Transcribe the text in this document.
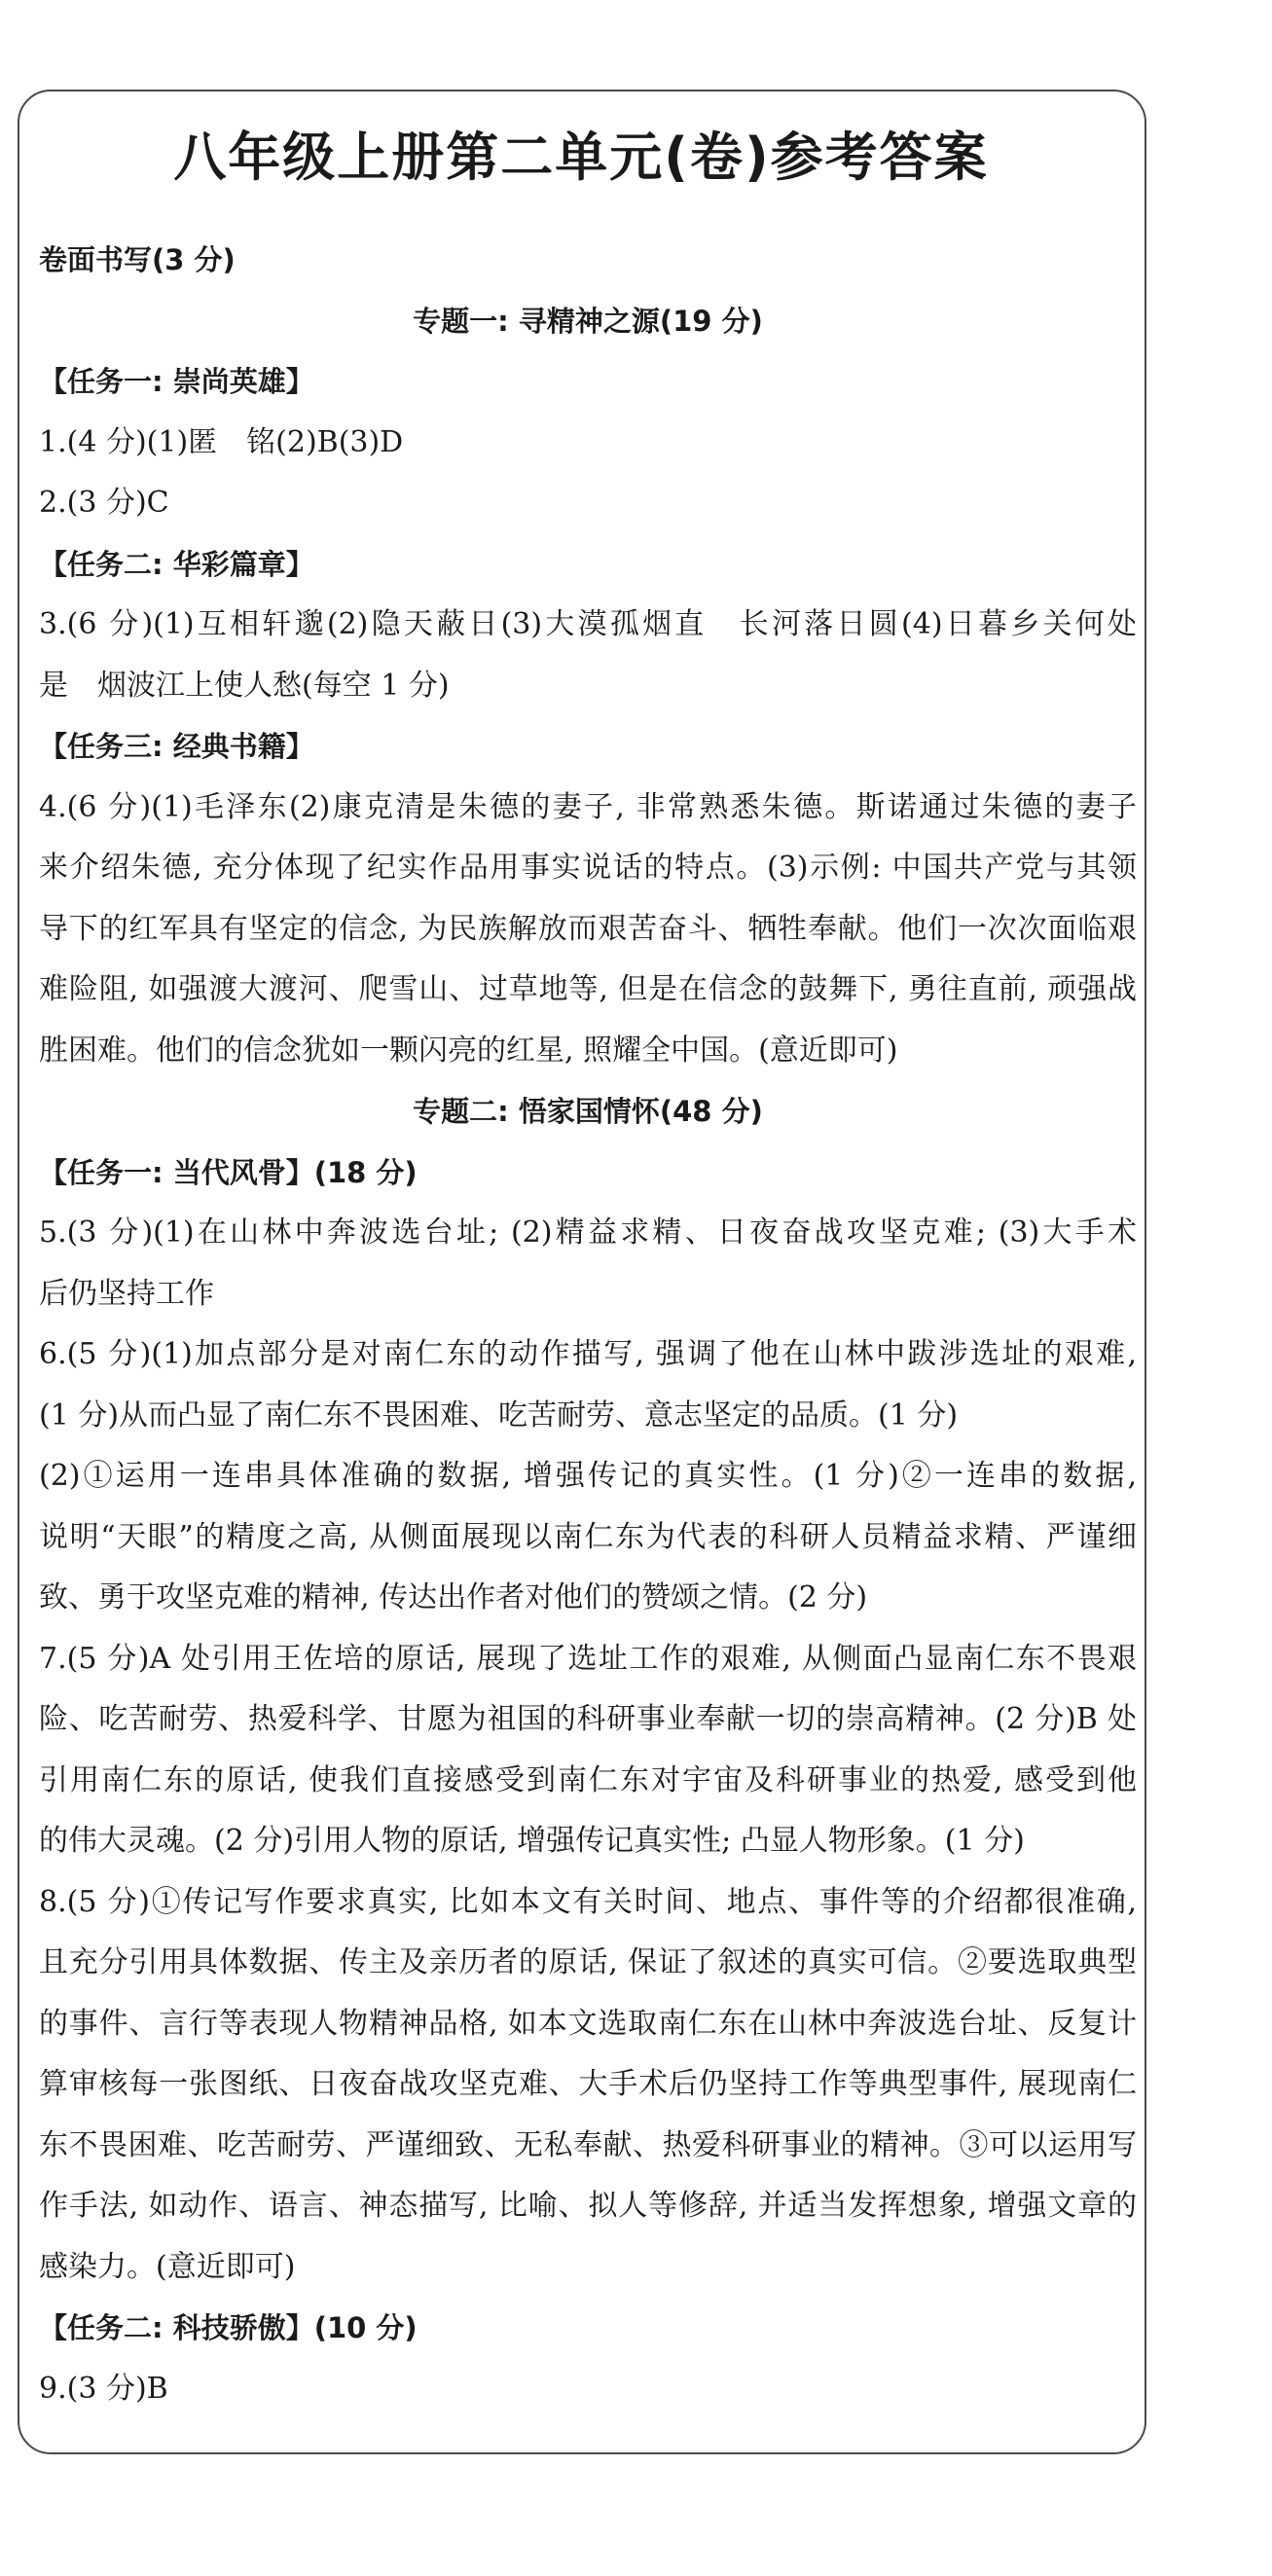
八年级上册第二单元(卷)参考答案
卷面书写(3 分)
专题一: 寻精神之源(19 分)
【任务一: 崇尚英雄】
1.(4 分)(1)匿　铭(2)B(3)D
2.(3 分)C
【任务二: 华彩篇章】
3.(6 分)(1)互相轩邈(2)隐天蔽日(3)大漠孤烟直　长河落日圆(4)日暮乡关何处
是　烟波江上使人愁(每空 1 分)
【任务三: 经典书籍】
4.(6 分)(1)毛泽东(2)康克清是朱德的妻子, 非常熟悉朱德。斯诺通过朱德的妻子
来介绍朱德, 充分体现了纪实作品用事实说话的特点。(3)示例: 中国共产党与其领
导下的红军具有坚定的信念, 为民族解放而艰苦奋斗、牺牲奉献。他们一次次面临艰
难险阻, 如强渡大渡河、爬雪山、过草地等, 但是在信念的鼓舞下, 勇往直前, 顽强战
胜困难。他们的信念犹如一颗闪亮的红星, 照耀全中国。(意近即可)
专题二: 悟家国情怀(48 分)
【任务一: 当代风骨】(18 分)
5.(3 分)(1)在山林中奔波选台址; (2)精益求精、日夜奋战攻坚克难; (3)大手术
后仍坚持工作
6.(5 分)(1)加点部分是对南仁东的动作描写, 强调了他在山林中跋涉选址的艰难,
(1 分)从而凸显了南仁东不畏困难、吃苦耐劳、意志坚定的品质。(1 分)
(2)①运用一连串具体准确的数据, 增强传记的真实性。(1 分)②一连串的数据,
说明“天眼”的精度之高, 从侧面展现以南仁东为代表的科研人员精益求精、严谨细
致、勇于攻坚克难的精神, 传达出作者对他们的赞颂之情。(2 分)
7.(5 分)A 处引用王佐培的原话, 展现了选址工作的艰难, 从侧面凸显南仁东不畏艰
险、吃苦耐劳、热爱科学、甘愿为祖国的科研事业奉献一切的崇高精神。(2 分)B 处
引用南仁东的原话, 使我们直接感受到南仁东对宇宙及科研事业的热爱, 感受到他
的伟大灵魂。(2 分)引用人物的原话, 增强传记真实性; 凸显人物形象。(1 分)
8.(5 分)①传记写作要求真实, 比如本文有关时间、地点、事件等的介绍都很准确,
且充分引用具体数据、传主及亲历者的原话, 保证了叙述的真实可信。②要选取典型
的事件、言行等表现人物精神品格, 如本文选取南仁东在山林中奔波选台址、反复计
算审核每一张图纸、日夜奋战攻坚克难、大手术后仍坚持工作等典型事件, 展现南仁
东不畏困难、吃苦耐劳、严谨细致、无私奉献、热爱科研事业的精神。③可以运用写
作手法, 如动作、语言、神态描写, 比喻、拟人等修辞, 并适当发挥想象, 增强文章的
感染力。(意近即可)
【任务二: 科技骄傲】(10 分)
9.(3 分)B
